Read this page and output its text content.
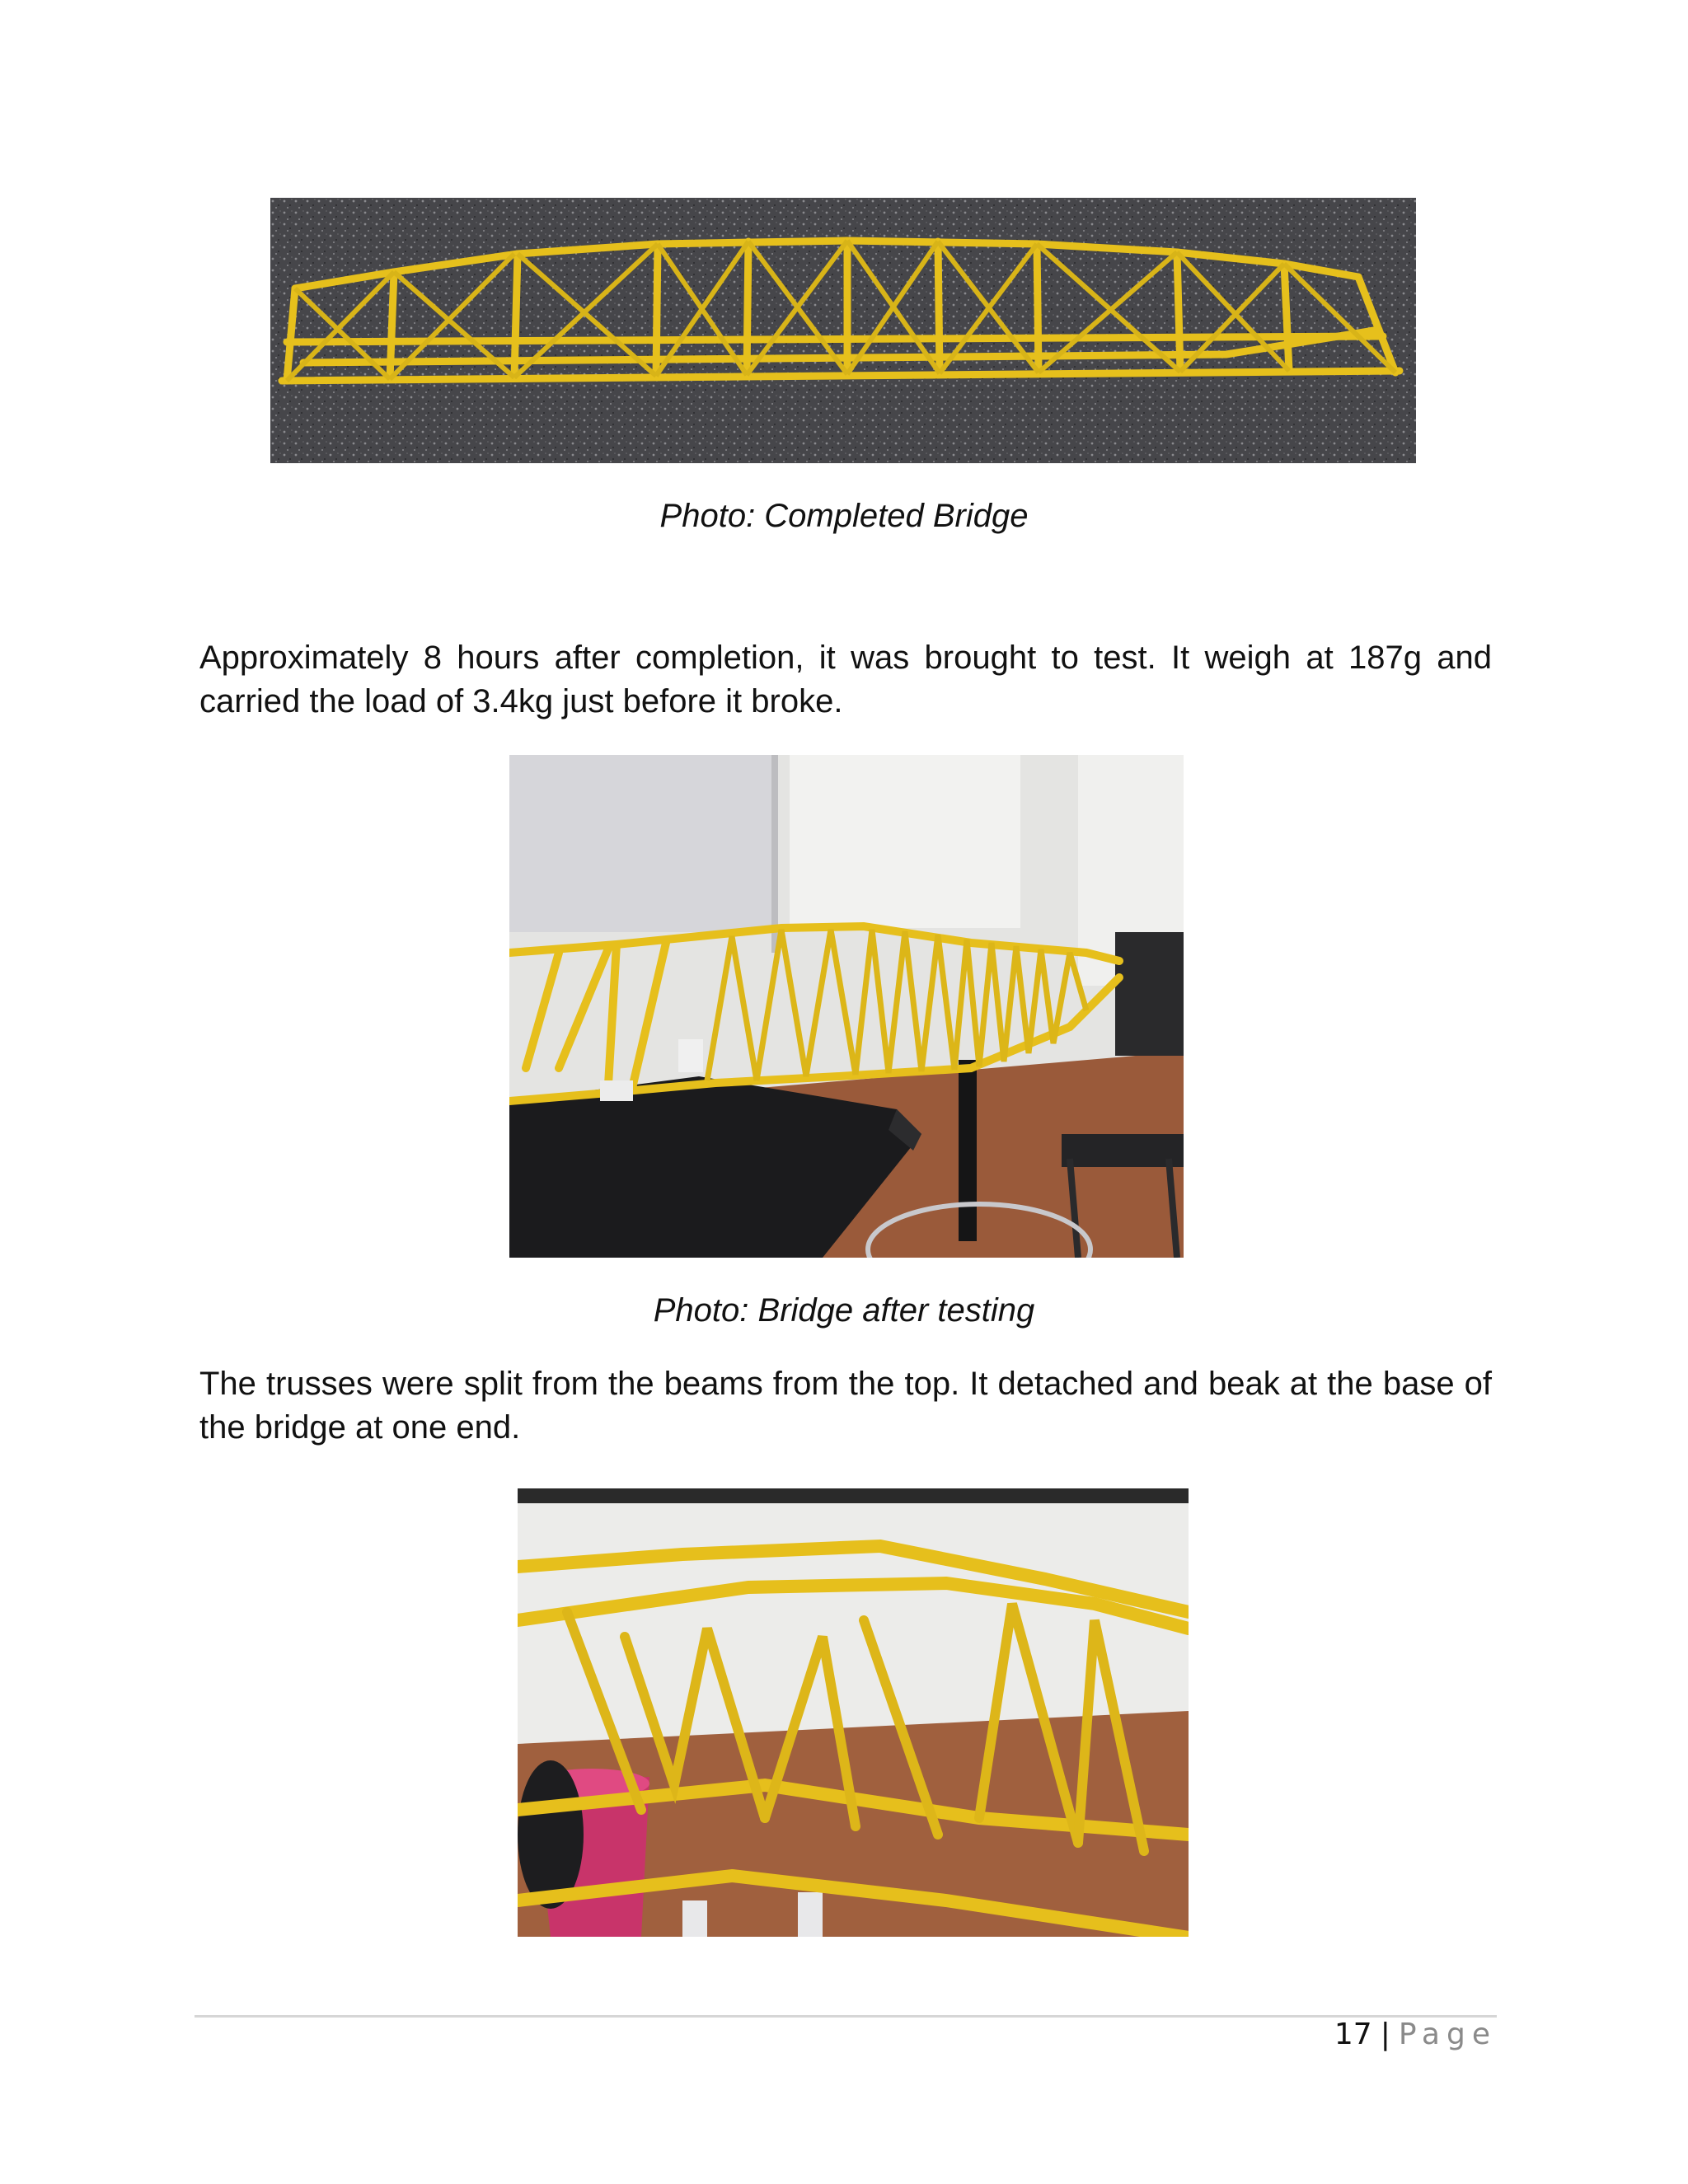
Photo: Completed Bridge

Approximately 8 hours after completion, it was brought to test. It weigh at 187g and carried the load of 3.4kg just before it broke.

Photo: Bridge after testing

The trusses were split from the beams from the top. It detached and beak at the base of the bridge at one end.

17 | Page
